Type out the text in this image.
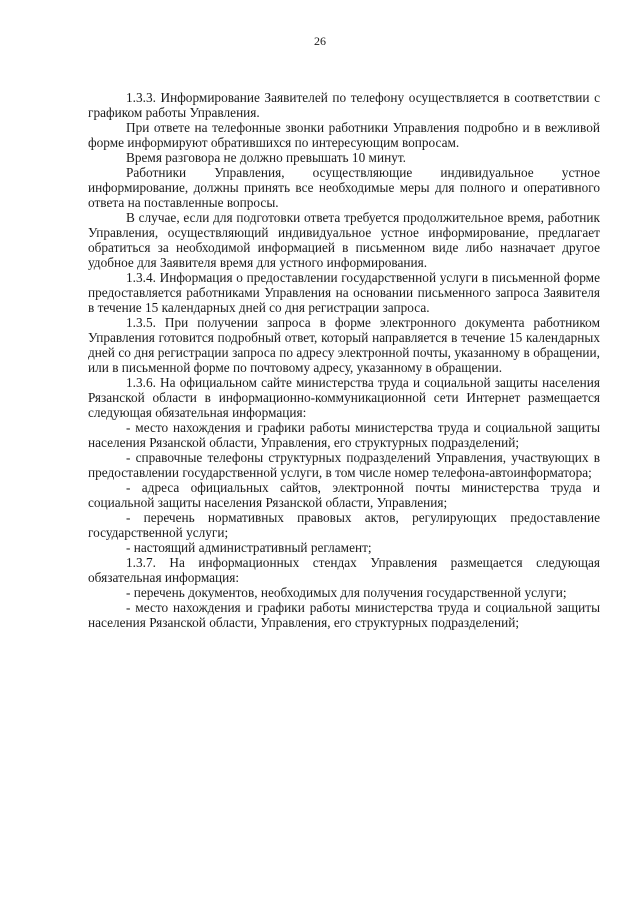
26

1.3.3. Информирование Заявителей по телефону осуществляется в соответствии с графиком работы Управления.

При ответе на телефонные звонки работники Управления подробно и в вежливой форме информируют обратившихся по интересующим вопросам.

Время разговора не должно превышать 10 минут.

Работники Управления, осуществляющие индивидуальное устное информирование, должны принять все необходимые меры для полного и оперативного ответа на поставленные вопросы.

В случае, если для подготовки ответа требуется продолжительное время, работник Управления, осуществляющий индивидуальное устное информирование, предлагает обратиться за необходимой информацией в письменном виде либо назначает другое удобное для Заявителя время для устного информирования.

1.3.4. Информация о предоставлении государственной услуги в письменной форме предоставляется работниками Управления на основании письменного запроса Заявителя в течение 15 календарных дней со дня регистрации запроса.

1.3.5. При получении запроса в форме электронного документа работником Управления готовится подробный ответ, который направляется в течение 15 календарных дней со дня регистрации запроса по адресу электронной почты, указанному в обращении, или в письменной форме по почтовому адресу, указанному в обращении.

1.3.6. На официальном сайте министерства труда и социальной защиты населения Рязанской области в информационно-коммуникационной сети Интернет размещается следующая обязательная информация:

- место нахождения и графики работы министерства труда и социальной защиты населения Рязанской области, Управления, его структурных подразделений;

- справочные телефоны структурных подразделений Управления, участвующих в предоставлении государственной услуги, в том числе номер телефона-автоинформатора;

- адреса официальных сайтов, электронной почты министерства труда и социальной защиты населения Рязанской области, Управления;

- перечень нормативных правовых актов, регулирующих предоставление государственной услуги;

- настоящий административный регламент;

1.3.7. На информационных стендах Управления размещается следующая обязательная информация:

- перечень документов, необходимых для получения государственной услуги;

- место нахождения и графики работы министерства труда и социальной защиты населения Рязанской области, Управления, его структурных подразделений;
